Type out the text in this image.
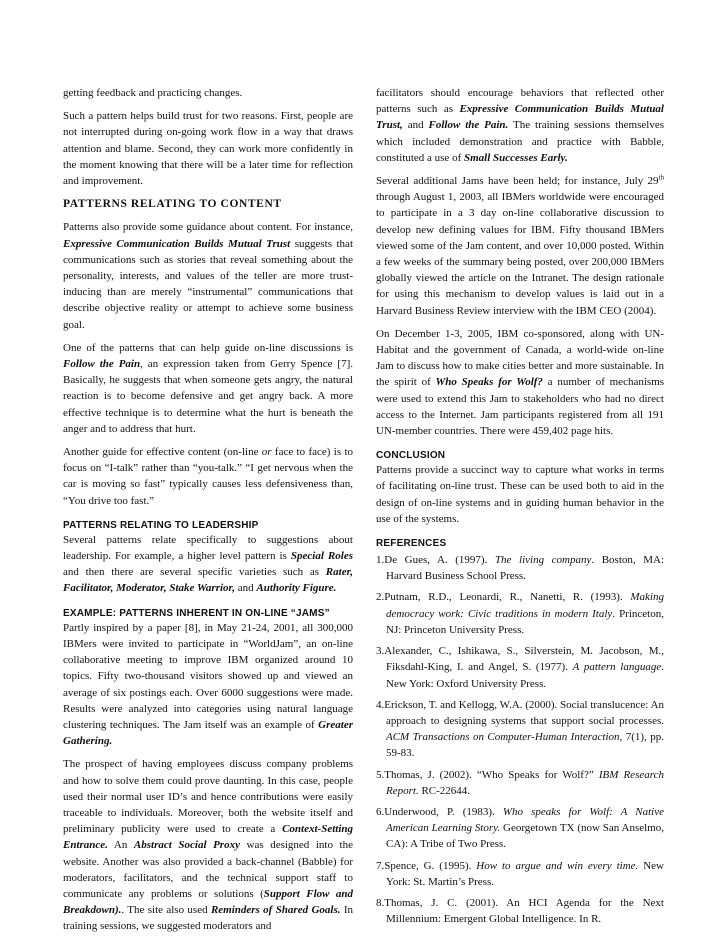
getting feedback and practicing changes.

Such a pattern helps build trust for two reasons. First, people are not interrupted during on-going work flow in a way that draws attention and blame. Second, they can work more confidently in the moment knowing that there will be a later time for reflection and improvement.

PATTERNS RELATING TO CONTENT

Patterns also provide some guidance about content. For instance, Expressive Communication Builds Mutual Trust suggests that communications such as stories that reveal something about the personality, interests, and values of the teller are more trust-inducing than are merely “instrumental” communications that describe objective reality or attempt to achieve some business goal.

One of the patterns that can help guide on-line discussions is Follow the Pain, an expression taken from Gerry Spence [7]. Basically, he suggests that when someone gets angry, the natural reaction is to become defensive and get angry back. A more effective technique is to determine what the hurt is beneath the anger and to address that hurt.

Another guide for effective content (on-line or face to face) is to focus on “I-talk” rather than “you-talk.” “I get nervous when the car is moving so fast” typically causes less defensiveness than, “You drive too fast.”

PATTERNS RELATING TO LEADERSHIP

Several patterns relate specifically to suggestions about leadership. For example, a higher level pattern is Special Roles and then there are several specific varieties such as Rater, Facilitator, Moderator, Stake Warrior, and Authority Figure.

EXAMPLE: PATTERNS INHERENT IN ON-LINE “JAMS”

Partly inspired by a paper [8], in May 21-24, 2001, all 300,000 IBMers were invited to participate in “WorldJam”, an on-line collaborative meeting to improve IBM organized around 10 topics. Fifty two-thousand visitors showed up and viewed an average of six postings each. Over 6000 suggestions were made. Results were analyzed into categories using natural language clustering techniques. The Jam itself was an example of Greater Gathering.

The prospect of having employees discuss company problems and how to solve them could prove daunting. In this case, people used their normal user ID’s and hence contributions were easily traceable to individuals. Moreover, both the website itself and preliminary publicity were used to create a Context-Setting Entrance. An Abstract Social Proxy was designed into the website. Another was also provided a back-channel (Babble) for moderators, facilitators, and the technical support staff to communicate any problems or solutions (Support Flow and Breakdown).. The site also used Reminders of Shared Goals. In training sessions, we suggested moderators and

facilitators should encourage behaviors that reflected other patterns such as Expressive Communication Builds Mutual Trust, and Follow the Pain. The training sessions themselves which included demonstration and practice with Babble, constituted a use of Small Successes Early.

Several additional Jams have been held; for instance, July 29th through August 1, 2003, all IBMers worldwide were encouraged to participate in a 3 day on-line collaborative discussion to develop new defining values for IBM. Fifty thousand IBMers viewed some of the Jam content, and over 10,000 posted. Within a few weeks of the summary being posted, over 200,000 IBMers globally viewed the article on the Intranet. The design rationale for using this mechanism to develop values is laid out in a Harvard Business Review interview with the IBM CEO (2004).

On December 1-3, 2005, IBM co-sponsored, along with UN-Habitat and the government of Canada, a world-wide on-line Jam to discuss how to make cities better and more sustainable. In the spirit of Who Speaks for Wolf? a number of mechanisms were used to extend this Jam to stakeholders who had no direct access to the Internet. Jam participants registered from all 191 UN-member countries. There were 459,402 page hits.

CONCLUSION

Patterns provide a succinct way to capture what works in terms of facilitating on-line trust. These can be used both to aid in the design of on-line systems and in guiding human behavior in the use of the systems.

REFERENCES
1.De Gues, A. (1997). The living company. Boston, MA: Harvard Business School Press.
2.Putnam, R.D., Leonardi, R., Nanetti, R. (1993). Making democracy work: Civic traditions in modern Italy. Princeton, NJ: Princeton University Press.
3.Alexander, C., Ishikawa, S., Silverstein, M. Jacobson, M., Fiksdahl-King, I. and Angel, S. (1977). A pattern language. New York: Oxford University Press.
4.Erickson, T. and Kellogg, W.A. (2000). Social translucence: An approach to designing systems that support social processes. ACM Transactions on Computer-Human Interaction, 7(1), pp. 59-83.
5.Thomas, J. (2002). “Who Speaks for Wolf?” IBM Research Report. RC-22644.
6.Underwood, P. (1983). Who speaks for Wolf: A Native American Learning Story. Georgetown TX (now San Anselmo, CA): A Tribe of Two Press.
7.Spence, G. (1995). How to argue and win every time. New York: St. Martin’s Press.
8.Thomas, J. C. (2001). An HCI Agenda for the Next Millennium: Emergent Global Intelligence. In R.
